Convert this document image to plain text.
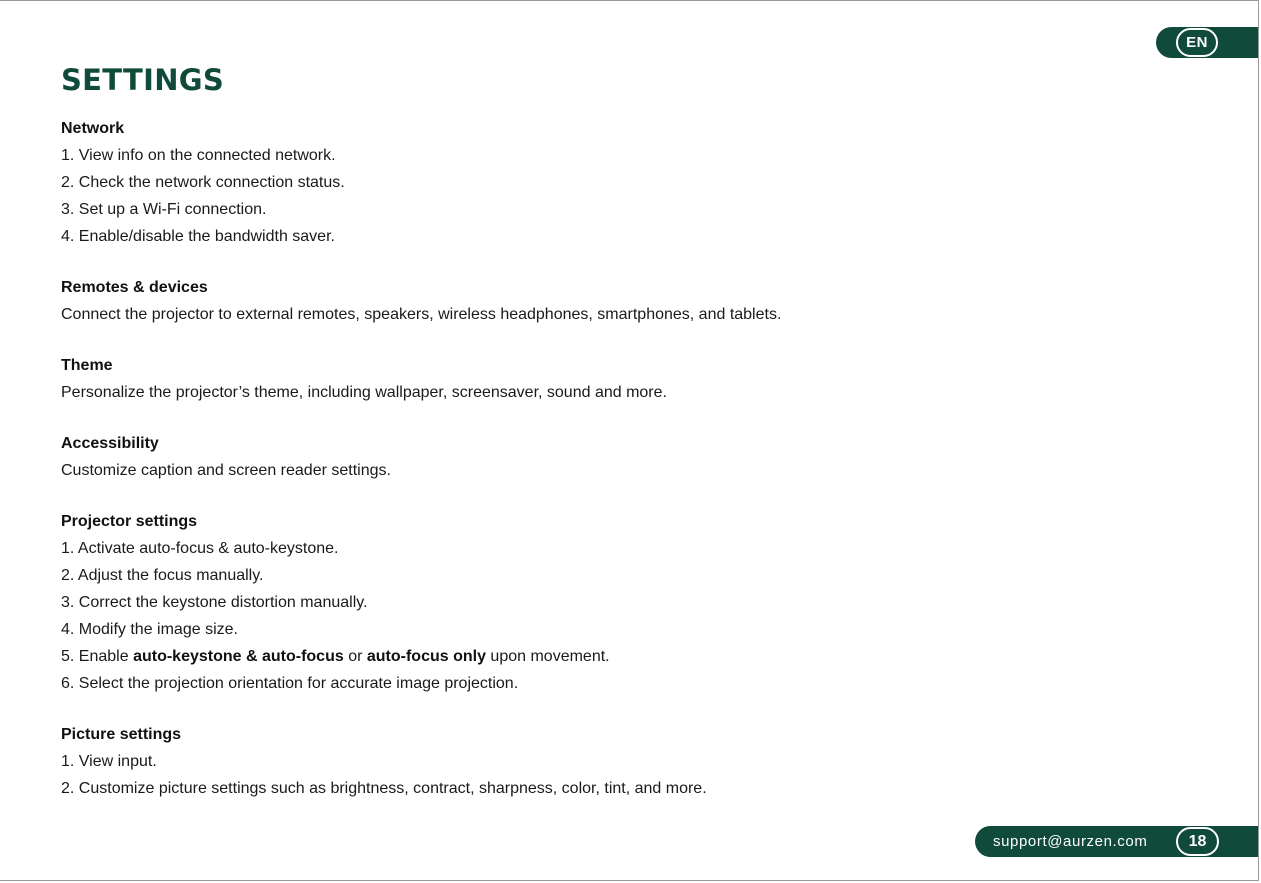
EN
SETTINGS
Network
1. View info on the connected network.
2. Check the network connection status.
3. Set up a Wi-Fi connection.
4. Enable/disable the bandwidth saver.
Remotes & devices
Connect the projector to external remotes, speakers, wireless headphones, smartphones, and tablets.
Theme
Personalize the projector’s theme, including wallpaper, screensaver, sound and more.
Accessibility
Customize caption and screen reader settings.
Projector settings
1. Activate auto-focus & auto-keystone.
2. Adjust the focus manually.
3. Correct the keystone distortion manually.
4. Modify the image size.
5. Enable auto-keystone & auto-focus or auto-focus only upon movement.
6. Select the projection orientation for accurate image projection.
Picture settings
1. View input.
2. Customize picture settings such as brightness, contract, sharpness, color, tint, and more.
support@aurzen.com	18
